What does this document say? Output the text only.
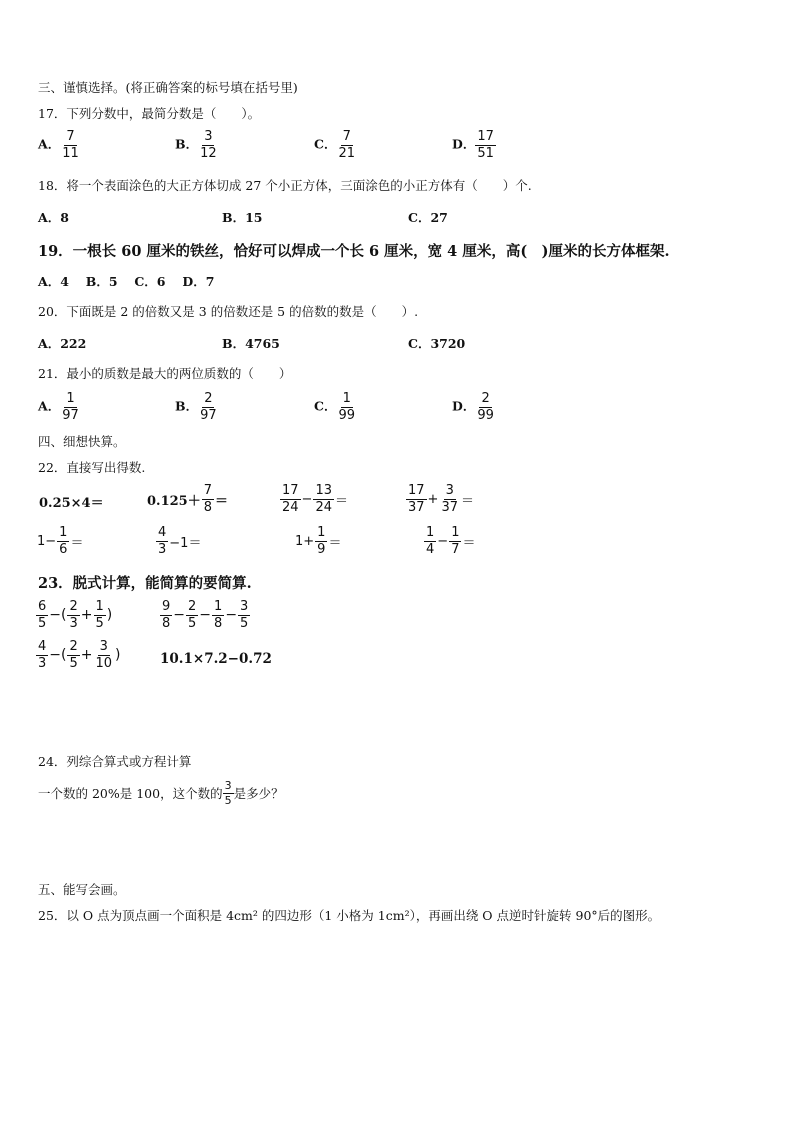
三、谨慎选择。(将正确答案的标号填在括号里)
17．下列分数中，最简分数是（　　）。
A． $\frac{7}{11}$	B． $\frac{3}{12}$	C． $\frac{7}{21}$	D． $\frac{17}{51}$
18．将一个表面涂色的大正方体切成 27 个小正方体，三面涂色的小正方体有（　　）个.
A．8	B．15	C．27
19．一根长 60 厘米的铁丝，恰好可以焊成一个长 6 厘米，宽 4 厘米，高(　)厘米的长方体框架.
A．4　 B．5　 C．6　 D．7
20．下面既是 2 的倍数又是 3 的倍数还是 5 的倍数的数是（　　）.
A．222	B．4765	C．3720
21．最小的质数是最大的两位质数的（　　）
A． $\frac{1}{97}$	B． $\frac{2}{97}$	C． $\frac{1}{99}$	D． $\frac{2}{99}$
四、细想快算。
22．直接写出得数.
0.25×4＝	$0.125+ \frac{7}{8}$ ＝	$\frac{17}{24} - \frac{13}{24}$ ＝	$\frac{17}{37} + \frac{3}{37}$ ＝
$1- \frac{1}{6}$ ＝	$\frac{4}{3} -1=$	$1+ \frac{1}{9}$ ＝	$\frac{1}{4} - \frac{1}{7}$ ＝
23．脱式计算，能简算的要简算.
$\frac{6}{5}$ −( $\frac{2}{3} + \frac{1}{5}$ )	$\frac{9}{8} - \frac{2}{5} - \frac{1}{8} - \frac{3}{5}$
$\frac{4}{3}$ −( $\frac{2}{5} + \frac{3}{10}$ )	10.1×7.2−0.72
24．列综合算式或方程计算
一个数的 20%是 100，这个数的 $\frac{3}{5}$ 是多少？
五、能写会画。
25．以 O 点为顶点画一个面积是 4cm² 的四边形（1 小格为 1cm²），再画出绕 O 点逆时针旋转 90°后的图形。
